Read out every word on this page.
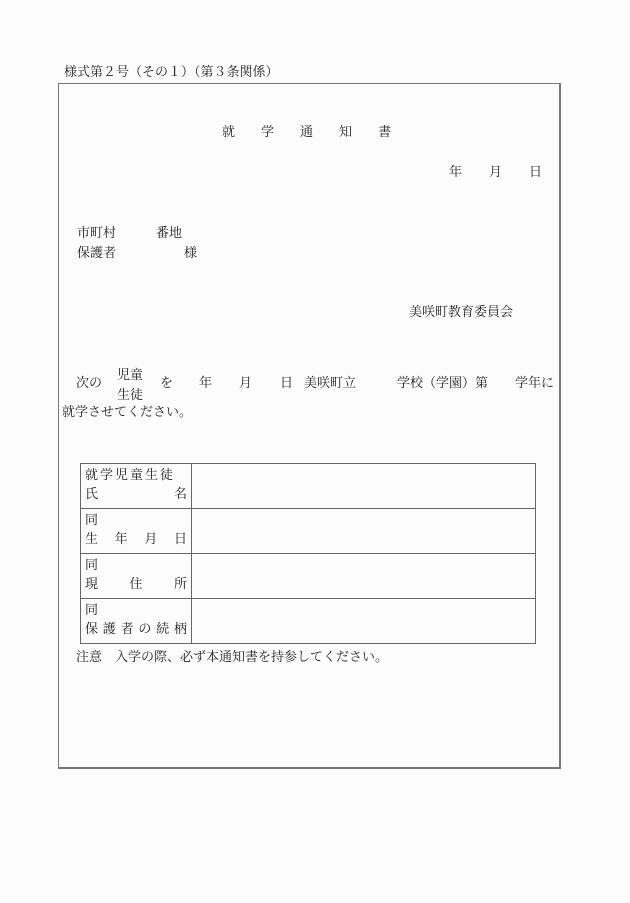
様式第２号（その１）（第３条関係）
就 学 通 知 書
年 月 日
市町村	番地
保護者	様
美咲町教育委員会
次の
児童
生徒
を 年 月 日 美咲町立	学校（学園）第 学年に
就学させてください。
就学児童生徒
氏 名	

同
生 年 月 日	

同
現 住 所	

同
保 護 者 の 続 柄

注意　入学の際、必ず本通知書を持参してください。
